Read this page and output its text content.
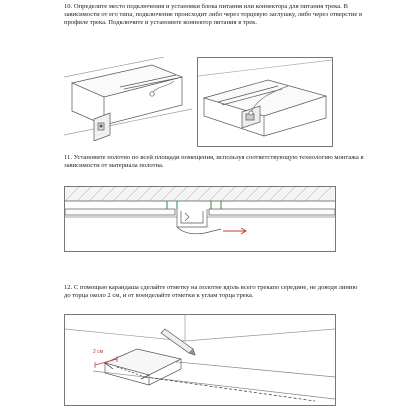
10. Определите место подключения и установки блока питания или коннектора для питания трека. В зависимости от его типа, подключение происходит либо через торцевую заглушку, либо через отверстие в профиле трека. Подключите и установите коннектор питания в трек.

11. Установите полотно по всей площади помещения, используя соответствующую технологию монтажа в зависимости от материала полотна.

12. С помощью карандаша сделайте отметку на полотне вдоль всего трекапо середине, не доводя линию до торца около 2 см, и от военделайте отметки к углам торца трека.

2 см
